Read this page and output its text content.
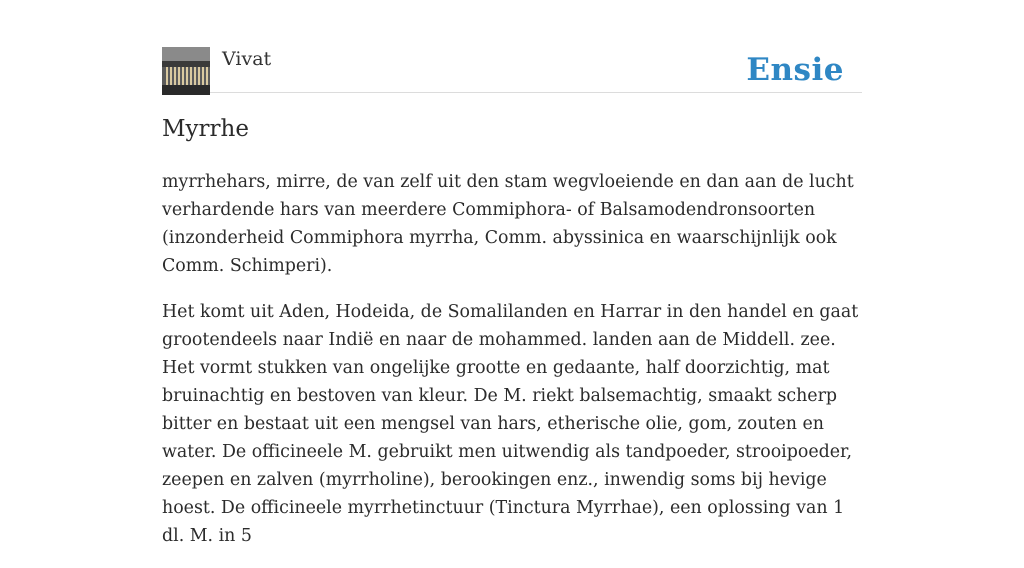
Vivat	Ensie
Myrrhe

myrrhehars, mirre, de van zelf uit den stam wegvloeiende en dan aan de lucht verhardende hars van meerdere Commiphora- of Balsamodendronsoorten (inzonderheid Commiphora myrrha, Comm. abyssinica en waarschijnlijk ook Comm. Schimperi).

Het komt uit Aden, Hodeida, de Somalilanden en Harrar in den handel en gaat grootendeels naar Indië en naar de mohammed. landen aan de Middell. zee. Het vormt stukken van ongelijke grootte en gedaante, half doorzichtig, mat bruinachtig en bestoven van kleur. De M. riekt balsemachtig, smaakt scherp bitter en bestaat uit een mengsel van hars, etherische olie, gom, zouten en water. De officineele M. gebruikt men uitwendig als tandpoeder, strooipoeder, zeepen en zalven (myrrholine), berookingen enz., inwendig soms bij hevige hoest. De officineele myrrhetinctuur (Tinctura Myrrhae), een oplossing van 1 dl. M. in 5
